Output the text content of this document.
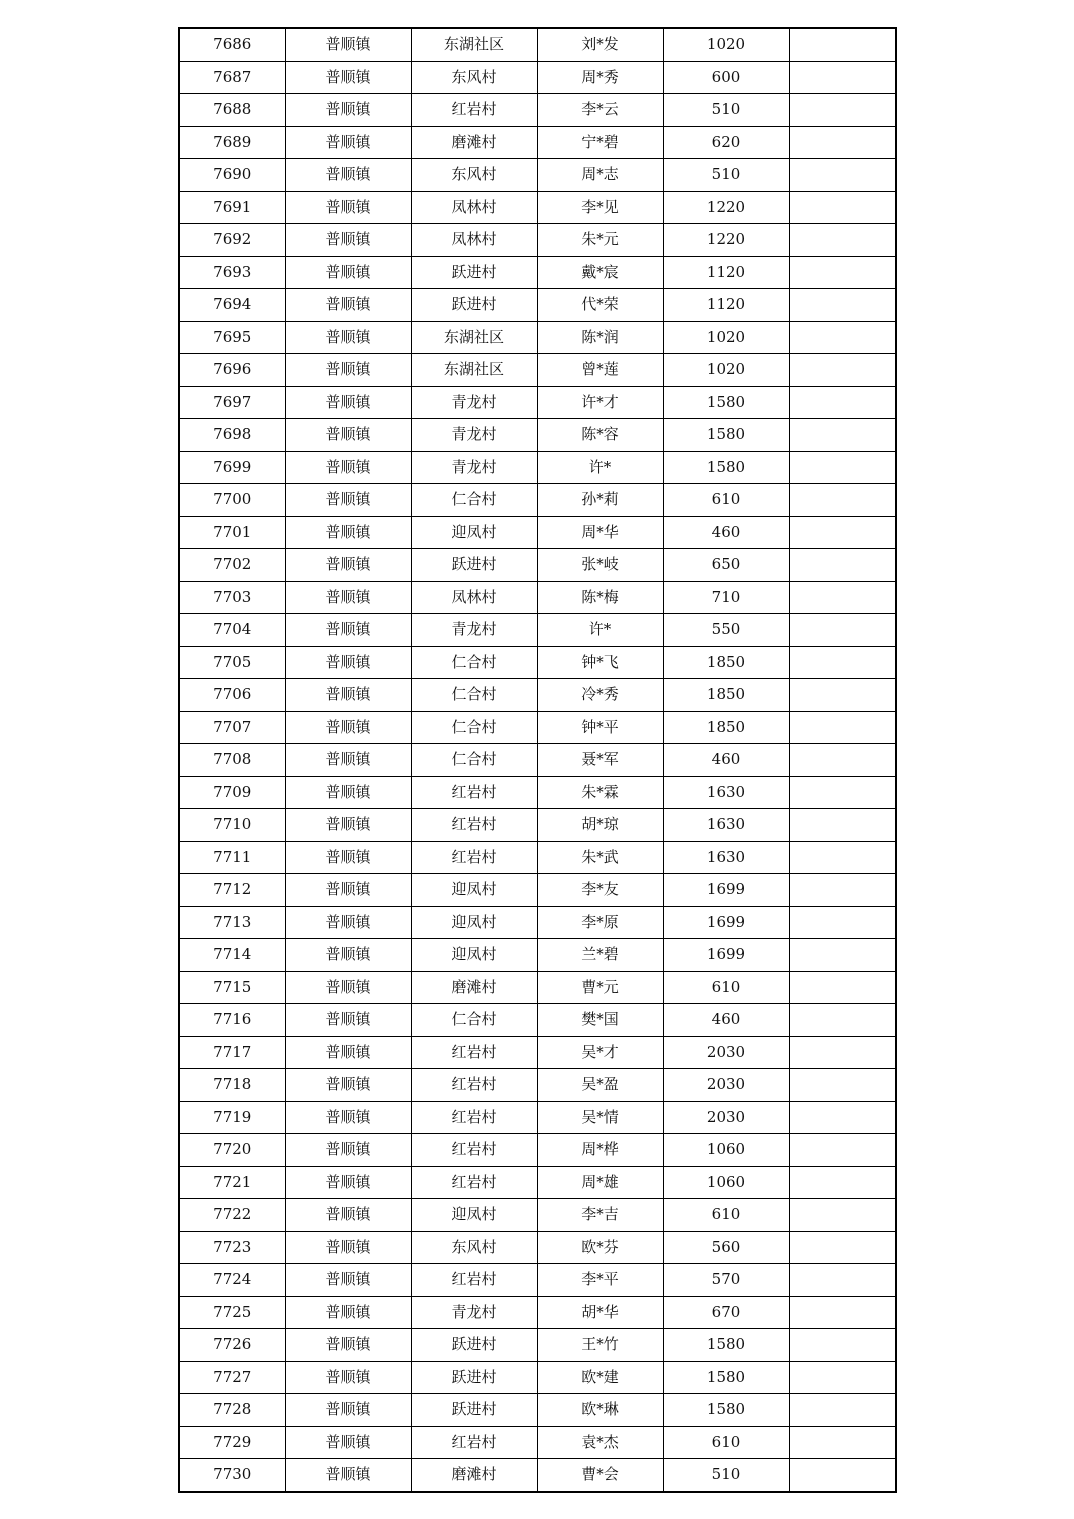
7686	普顺镇	东湖社区	刘*发	1020	
7687	普顺镇	东风村	周*秀	600	
7688	普顺镇	红岩村	李*云	510	
7689	普顺镇	磨滩村	宁*碧	620	
7690	普顺镇	东风村	周*志	510	
7691	普顺镇	凤林村	李*见	1220	
7692	普顺镇	凤林村	朱*元	1220	
7693	普顺镇	跃进村	戴*宸	1120	
7694	普顺镇	跃进村	代*荣	1120	
7695	普顺镇	东湖社区	陈*润	1020	
7696	普顺镇	东湖社区	曾*莲	1020	
7697	普顺镇	青龙村	许*才	1580	
7698	普顺镇	青龙村	陈*容	1580	
7699	普顺镇	青龙村	许*	1580	
7700	普顺镇	仁合村	孙*莉	610	
7701	普顺镇	迎凤村	周*华	460	
7702	普顺镇	跃进村	张*岐	650	
7703	普顺镇	凤林村	陈*梅	710	
7704	普顺镇	青龙村	许*	550	
7705	普顺镇	仁合村	钟*飞	1850	
7706	普顺镇	仁合村	冷*秀	1850	
7707	普顺镇	仁合村	钟*平	1850	
7708	普顺镇	仁合村	聂*军	460	
7709	普顺镇	红岩村	朱*霖	1630	
7710	普顺镇	红岩村	胡*琼	1630	
7711	普顺镇	红岩村	朱*武	1630	
7712	普顺镇	迎凤村	李*友	1699	
7713	普顺镇	迎凤村	李*原	1699	
7714	普顺镇	迎凤村	兰*碧	1699	
7715	普顺镇	磨滩村	曹*元	610	
7716	普顺镇	仁合村	樊*国	460	
7717	普顺镇	红岩村	吴*才	2030	
7718	普顺镇	红岩村	吴*盈	2030	
7719	普顺镇	红岩村	吴*情	2030	
7720	普顺镇	红岩村	周*桦	1060	
7721	普顺镇	红岩村	周*雄	1060	
7722	普顺镇	迎凤村	李*吉	610	
7723	普顺镇	东风村	欧*芬	560	
7724	普顺镇	红岩村	李*平	570	
7725	普顺镇	青龙村	胡*华	670	
7726	普顺镇	跃进村	王*竹	1580	
7727	普顺镇	跃进村	欧*建	1580	
7728	普顺镇	跃进村	欧*琳	1580	
7729	普顺镇	红岩村	袁*杰	610	
7730	普顺镇	磨滩村	曹*会	510	
